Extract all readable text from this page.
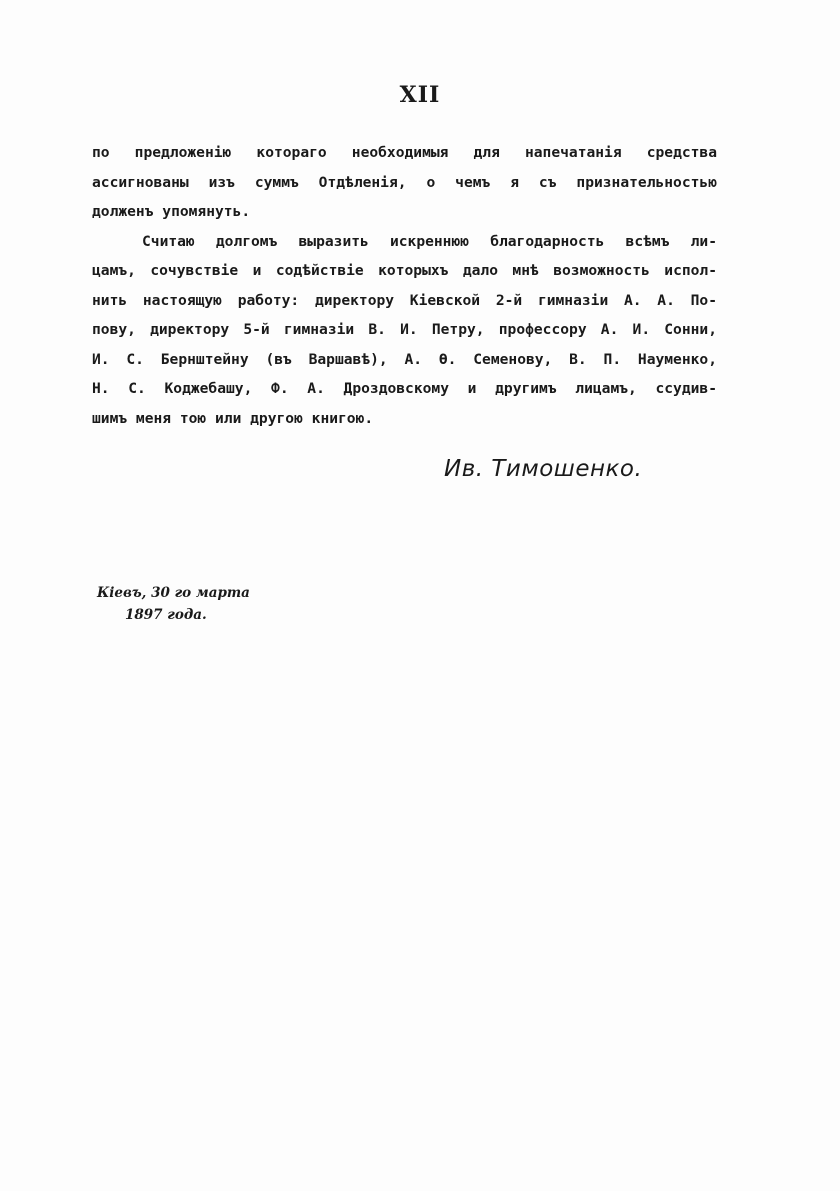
XII
по предложенію котораго необходимыя для напечатанія средства
ассигнованы изъ суммъ Отдѣленія, о чемъ я съ признательностью
долженъ упомянуть.
Считаю долгомъ выразить искреннюю благодарность всѣмъ ли-
цамъ, сочувствіе и содѣйствіе которыхъ дало мнѣ возможность испол-
нить настоящую работу: директору Кіевской 2-й гимназіи А. А. По-
пову, директору 5-й гимназіи В. И. Петру, профессору А. И. Сонни,
И. С. Бернштейну (въ Варшавѣ), А. Ѳ. Семенову, В. П. Науменко,
Н. С. Коджебашу, Ф. А. Дроздовскому и другимъ лицамъ, ссудив-
шимъ меня тою или другою книгою.
Ив. Тимошенко.
Кіевъ, 30 го марта
1897 года.
